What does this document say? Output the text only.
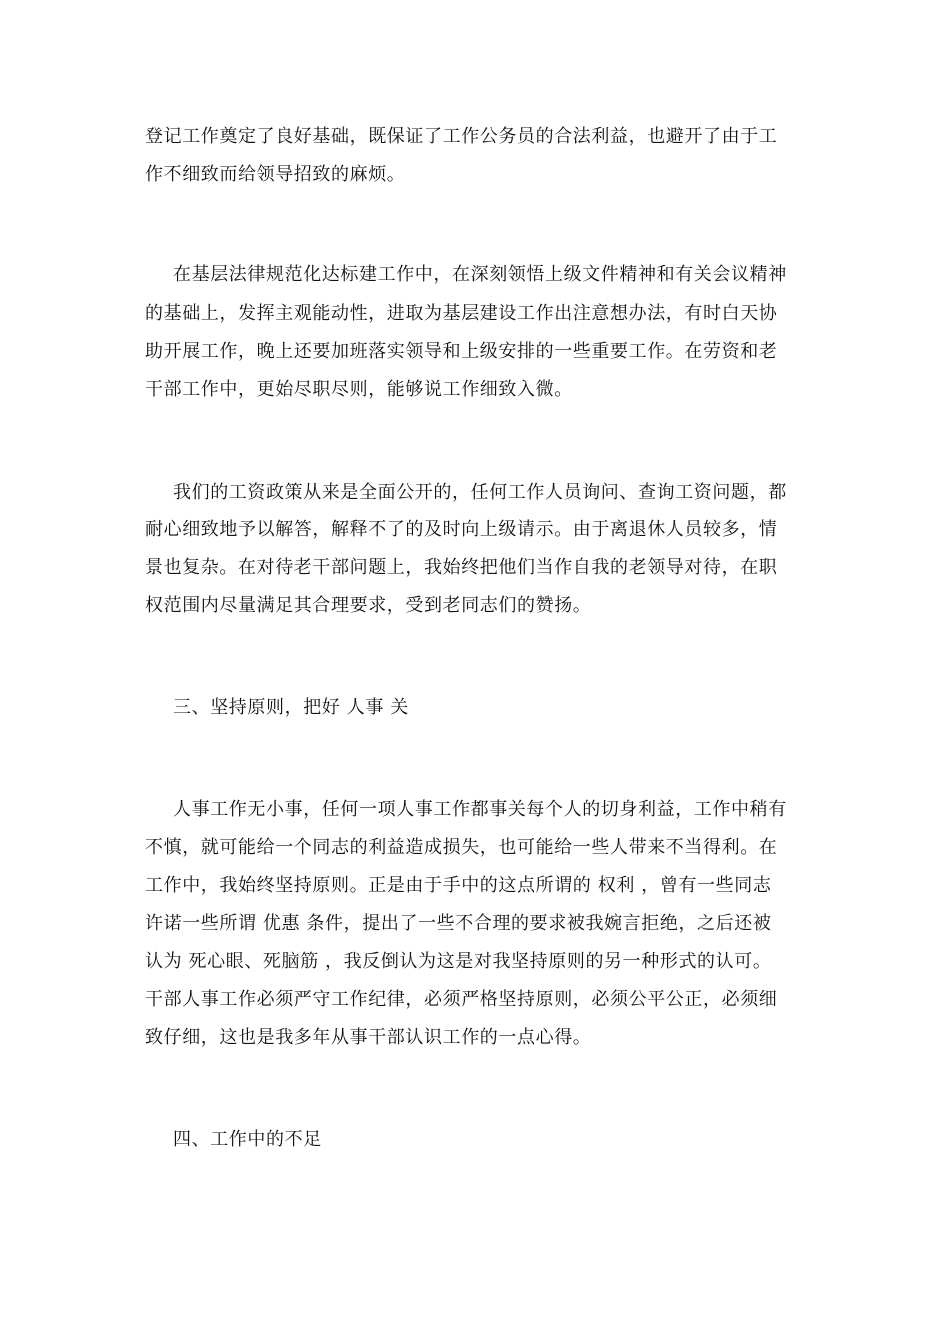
登记工作奠定了良好基础，既保证了工作公务员的合法利益，也避开了由于工
作不细致而给领导招致的麻烦。
在基层法律规范化达标建工作中，在深刻领悟上级文件精神和有关会议精神
的基础上，发挥主观能动性，进取为基层建设工作出注意想办法，有时白天协
助开展工作，晚上还要加班落实领导和上级安排的一些重要工作。在劳资和老
干部工作中，更始尽职尽则，能够说工作细致入微。
我们的工资政策从来是全面公开的，任何工作人员询问、查询工资问题，都
耐心细致地予以解答，解释不了的及时向上级请示。由于离退休人员较多，情
景也复杂。在对待老干部问题上，我始终把他们当作自我的老领导对待，在职
权范围内尽量满足其合理要求，受到老同志们的赞扬。
三、坚持原则，把好 人事 关
人事工作无小事，任何一项人事工作都事关每个人的切身利益，工作中稍有
不慎，就可能给一个同志的利益造成损失，也可能给一些人带来不当得利。在
工作中，我始终坚持原则。正是由于手中的这点所谓的 权利 ，曾有一些同志
许诺一些所谓 优惠 条件，提出了一些不合理的要求被我婉言拒绝，之后还被
认为 死心眼、死脑筋 ，我反倒认为这是对我坚持原则的另一种形式的认可。
干部人事工作必须严守工作纪律，必须严格坚持原则，必须公平公正，必须细
致仔细，这也是我多年从事干部认识工作的一点心得。
四、工作中的不足
